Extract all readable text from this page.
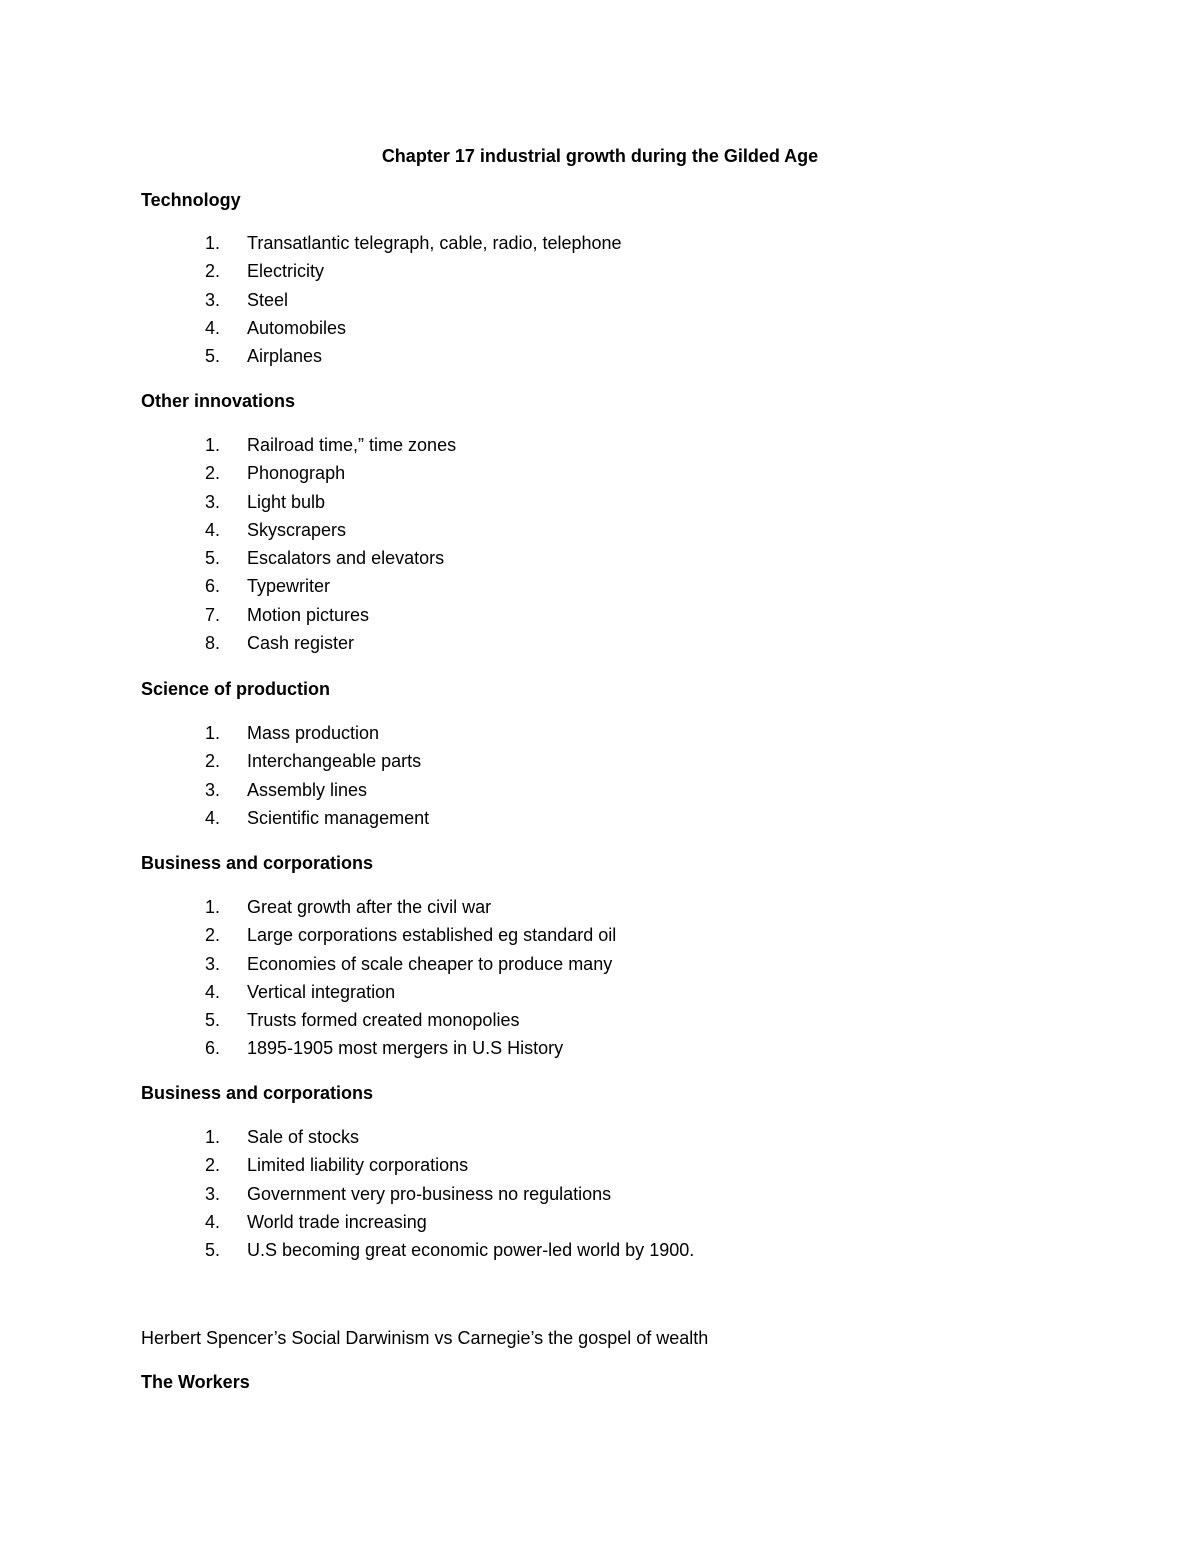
Chapter 17 industrial growth during the Gilded Age
Technology
1.	Transatlantic telegraph, cable, radio, telephone
2.	Electricity
3.	Steel
4.	Automobiles
5.	Airplanes
Other innovations
1.	Railroad time,” time zones
2.	Phonograph
3.	Light bulb
4.	Skyscrapers
5.	Escalators and elevators
6.	Typewriter
7.	Motion pictures
8.	Cash register
Science of production
1.	Mass production
2.	Interchangeable parts
3.	Assembly lines
4.	Scientific management
Business and corporations
1.	Great growth after the civil war
2.	Large corporations established eg standard oil
3.	Economies of scale cheaper to produce many
4.	Vertical integration
5.	Trusts formed created monopolies
6.	1895-1905 most mergers in U.S History
Business and corporations
1.	Sale of stocks
2.	Limited liability corporations
3.	Government very pro-business no regulations
4.	World trade increasing
5.	U.S becoming great economic power-led world by 1900.
Herbert Spencer’s Social Darwinism vs Carnegie’s the gospel of wealth
The Workers
